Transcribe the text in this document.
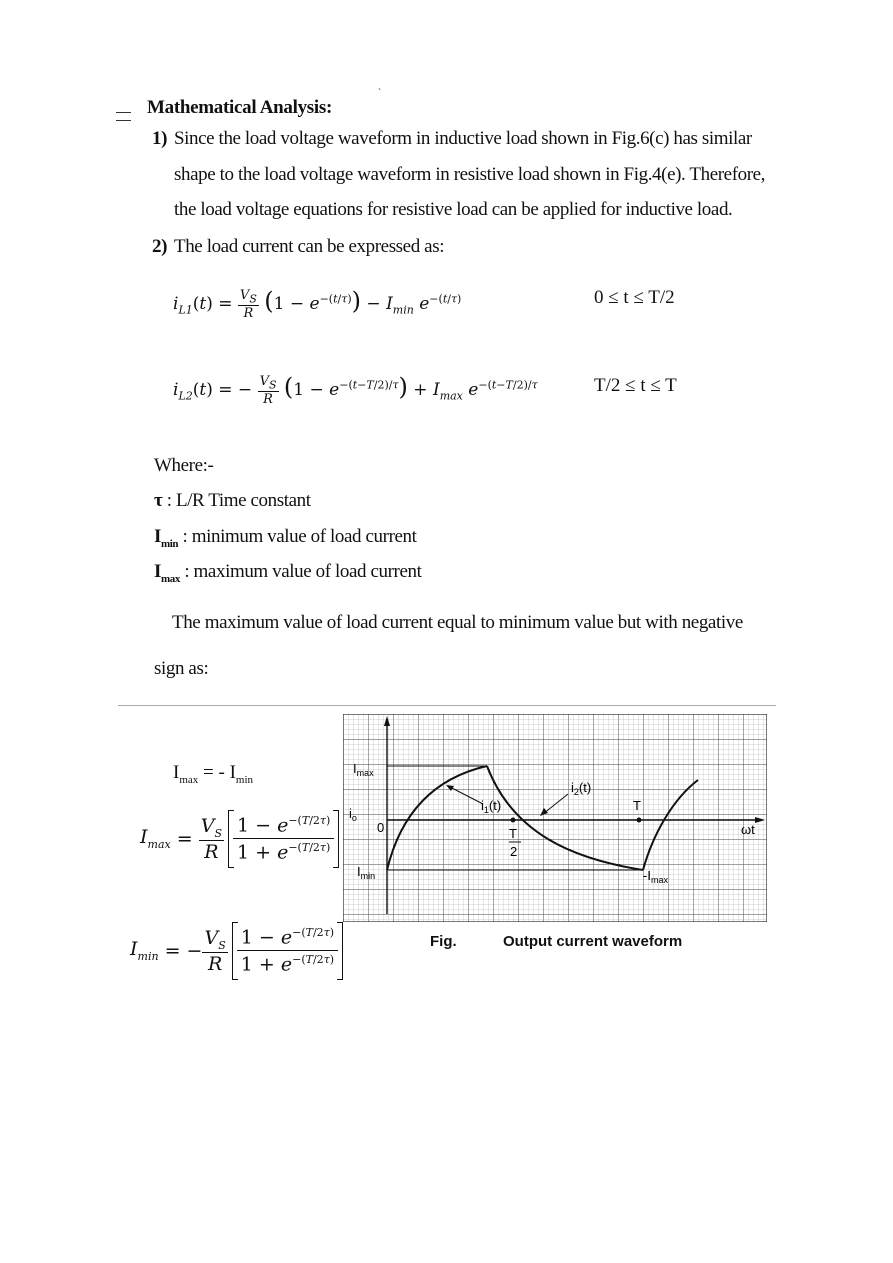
`
Mathematical Analysis:
1) Since the load voltage waveform in inductive load shown in Fig.6(c) has similar
shape to the load voltage waveform in resistive load shown in Fig.4(e). Therefore,
the load voltage equations for resistive load can be applied for inductive load.
2) The load current can be expressed as:
$i_{L1}(t) = \frac{V_S}{R} (1 - e^{-(t/\tau)}) - I_{min}$ $e^{-(t/\tau)}$	0 ≤ t ≤ T/2
$i_{L2}(t)$ = − $\frac{V_S}{R} (1 - e^{-(t-T/2)/\tau}) + I_{max}$ $e^{-(t-T/2)/\tau}$	T/2 ≤ t ≤ T
Where:-
τ : L/R Time constant
$I_{min}$ : minimum value of load current
$I_{max}$ : maximum value of load current
The maximum value of load current equal to minimum value but with negative
sign as:
$I_{max}$ = - $I_{min}$
$I_{max} = \frac{V_S}{R} 1 - e^{-(T/2\tau)}$
$1 + e^{-(T/2\tau)}$
$I_{min}$ = − $\frac{V_S}{R} 1 - e^{-(T/2\tau)}$
$1 + e^{-(T/2\tau)}$
$I_{max}$
$i_o$
0
$I_{min}$
$i_1(t)$
$i_2(t)$
T
2
T
$-I_{max}$
ωt
Fig.	Output current waveform
